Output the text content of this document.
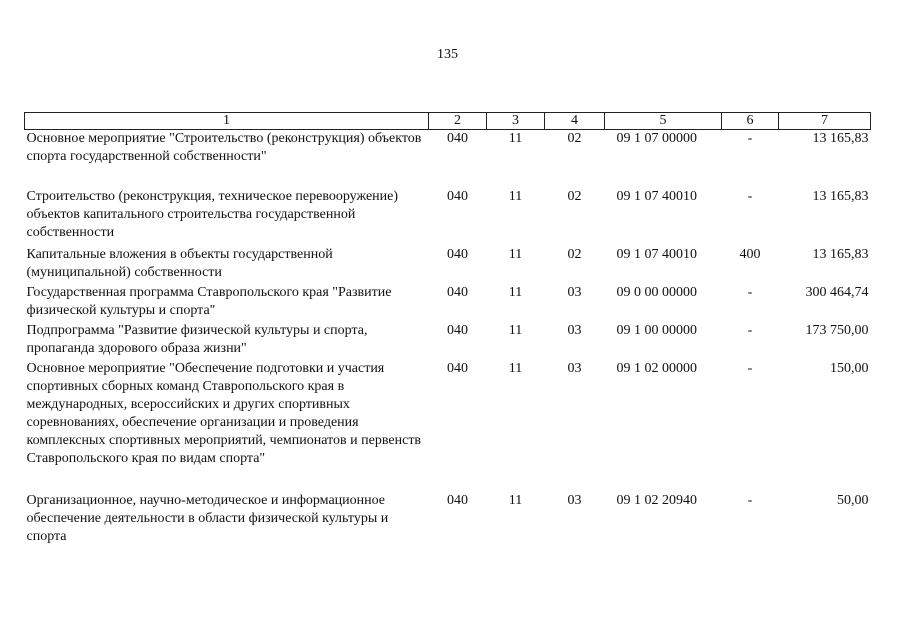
135
1	2	3	4	5	6	7
Основное мероприятие "Строительство (реконструкция) объектов спорта государственной собственности"	040	11	02	09 1 07 00000	-	13 165,83
Строительство (реконструкция, техническое перевооружение) объектов капитального строительства государственной собственности	040	11	02	09 1 07 40010	-	13 165,83
Капитальные вложения в объекты государственной (муниципальной) собственности	040	11	02	09 1 07 40010	400	13 165,83
Государственная программа Ставропольского края "Развитие физической культуры и спорта"	040	11	03	09 0 00 00000	-	300 464,74
Подпрограмма "Развитие физической культуры и спорта, пропаганда здорового образа жизни"	040	11	03	09 1 00 00000	-	173 750,00
Основное мероприятие "Обеспечение подготовки и участия спортивных сборных команд Ставропольского края в международных, всероссийских и других спортивных соревнованиях, обеспечение организации и проведения комплексных спортивных мероприятий, чемпионатов и первенств Ставропольского края по видам спорта"	040	11	03	09 1 02 00000	-	150,00
Организационное, научно-методическое и информационное обеспечение деятельности в области физической культуры и спорта	040	11	03	09 1 02 20940	-	50,00
